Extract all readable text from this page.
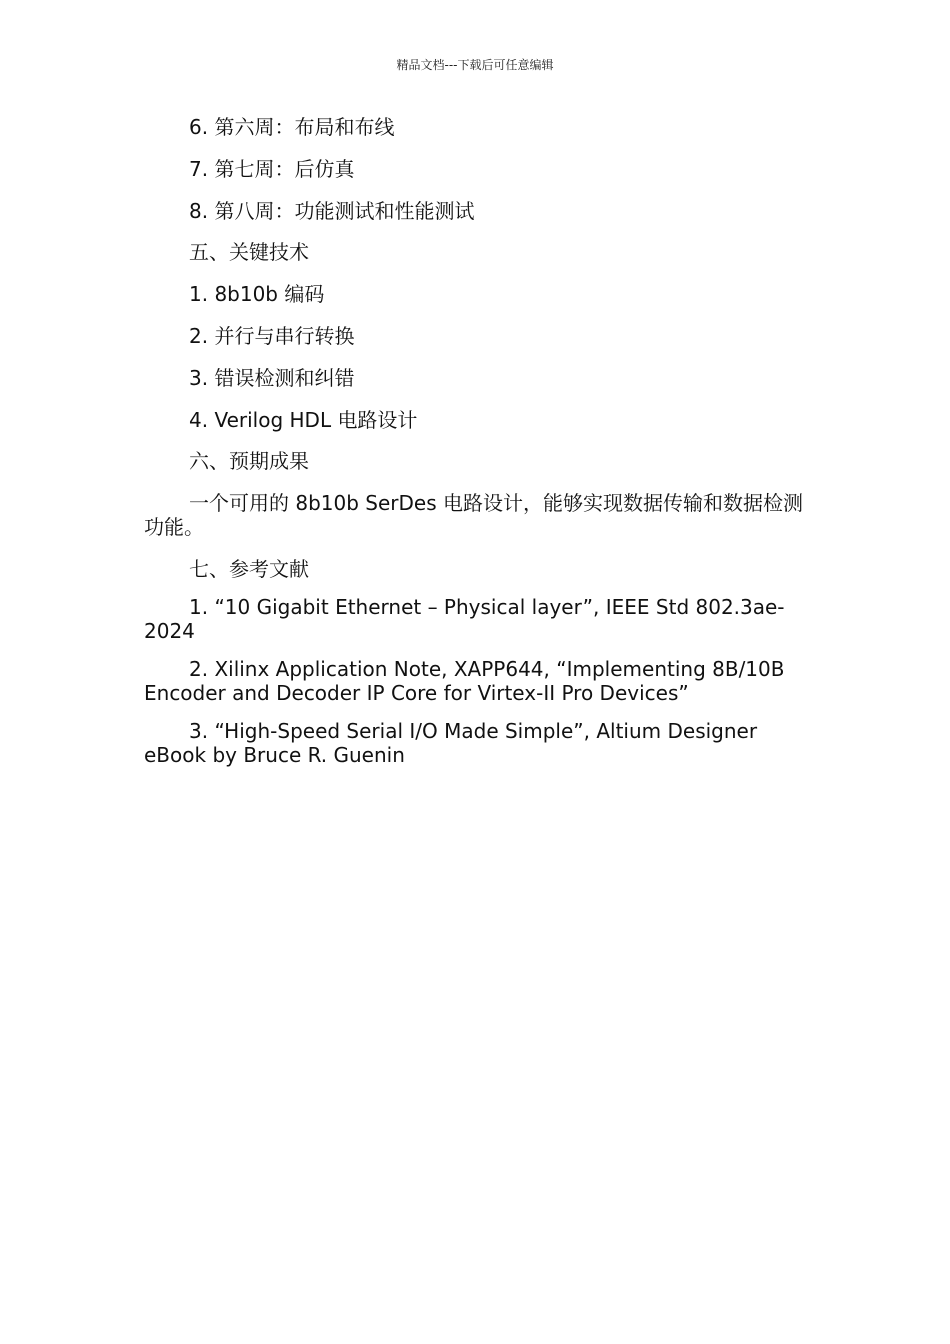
精品文档---下载后可任意编辑

6. 第六周：布局和布线

7. 第七周：后仿真

8. 第八周：功能测试和性能测试

五、关键技术

1. 8b10b 编码

2. 并行与串行转换

3. 错误检测和纠错

4. Verilog HDL 电路设计

六、预期成果

一个可用的 8b10b SerDes 电路设计，能够实现数据传输和数据检测功能。

七、参考文献

1. “10 Gigabit Ethernet – Physical layer”, IEEE Std 802.3ae-2024

2. Xilinx Application Note, XAPP644, “Implementing 8B/10B Encoder and Decoder IP Core for Virtex-II Pro Devices”

3. “High-Speed Serial I/O Made Simple”, Altium Designer eBook by Bruce R. Guenin
